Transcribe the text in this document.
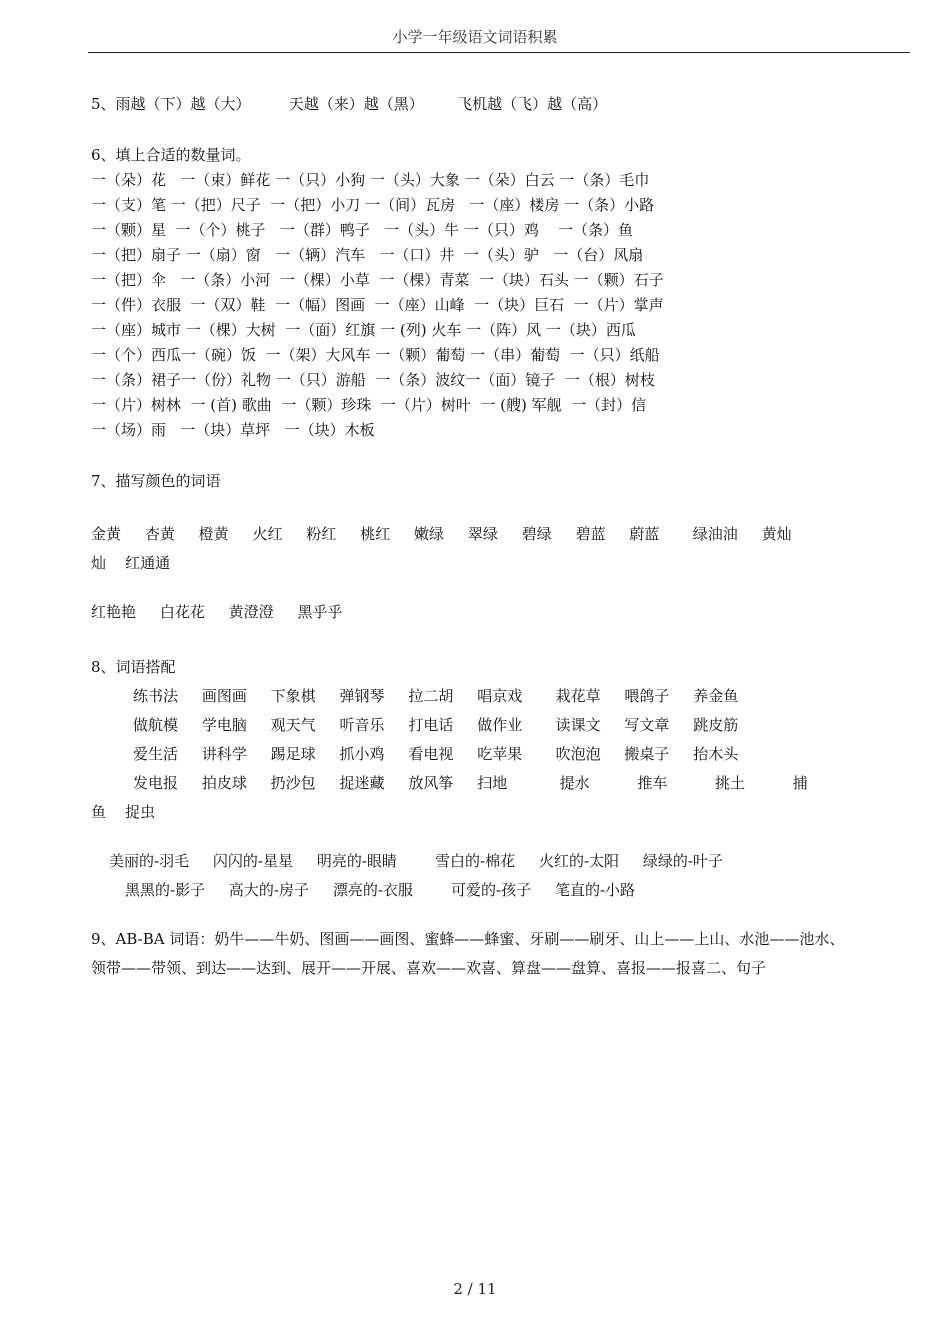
小学一年级语文词语积累
5、雨越（下）越（大）        天越（来）越（黑）       飞机越（飞）越（高）
6、填上合适的数量词。
一（朵）花   一（束）鲜花 一（只）小狗 一（头）大象 一（朵）白云 一（条）毛巾
一（支）笔 一（把）尺子  一（把）小刀 一（间）瓦房   一（座）楼房 一（条）小路
一（颗）星  一（个）桃子   一（群）鸭子   一（头）牛 一（只）鸡    一（条）鱼
一（把）扇子 一（扇）窗   一（辆）汽车   一（口）井  一（头）驴   一（台）风扇
一（把）伞   一（条）小河  一（棵）小草  一（棵）青菜  一（块）石头 一（颗）石子
一（件）衣服  一（双）鞋  一（幅）图画  一（座）山峰  一（块）巨石  一（片）掌声
一（座）城市 一（棵）大树  一（面）红旗 一 (列) 火车 一（阵）风 一（块）西瓜
一（个）西瓜一（碗）饭  一（架）大风车 一（颗）葡萄 一（串）葡萄  一（只）纸船
一（条）裙子一（份）礼物 一（只）游船  一（条）波纹一（面）镜子  一（根）树枝
一（片）树林  一 (首) 歌曲  一（颗）珍珠  一（片）树叶  一 (艘) 军舰  一（封）信
一（场）雨   一（块）草坪   一（块）木板
7、描写颜色的词语
金黄     杏黄     橙黄     火红     粉红     桃红     嫩绿     翠绿     碧绿     碧蓝     蔚蓝       绿油油     黄灿
灿    红通通
红艳艳     白花花     黄澄澄     黑乎乎
8、词语搭配
练书法     画图画     下象棋     弹钢琴     拉二胡     唱京戏       栽花草     喂鸽子     养金鱼
做航模     学电脑     观天气     听音乐     打电话     做作业       读课文     写文章     跳皮筋
爱生活     讲科学     踢足球     抓小鸡     看电视     吃苹果       吹泡泡     搬桌子     抬木头
发电报     拍皮球     扔沙包     捉迷藏     放风筝     扫地           提水          推车          挑土          捕
鱼    捉虫
美丽的-羽毛     闪闪的-星星     明亮的-眼睛        雪白的-棉花     火红的-太阳     绿绿的-叶子
黑黑的-影子     高大的-房子     漂亮的-衣服        可爱的-孩子     笔直的-小路
9、AB-BA 词语：奶牛——牛奶、图画——画图、蜜蜂——蜂蜜、牙刷——刷牙、山上——上山、水池——池水、
领带——带领、到达——达到、展开——开展、喜欢——欢喜、算盘——盘算、喜报——报喜二、句子
2 / 11
